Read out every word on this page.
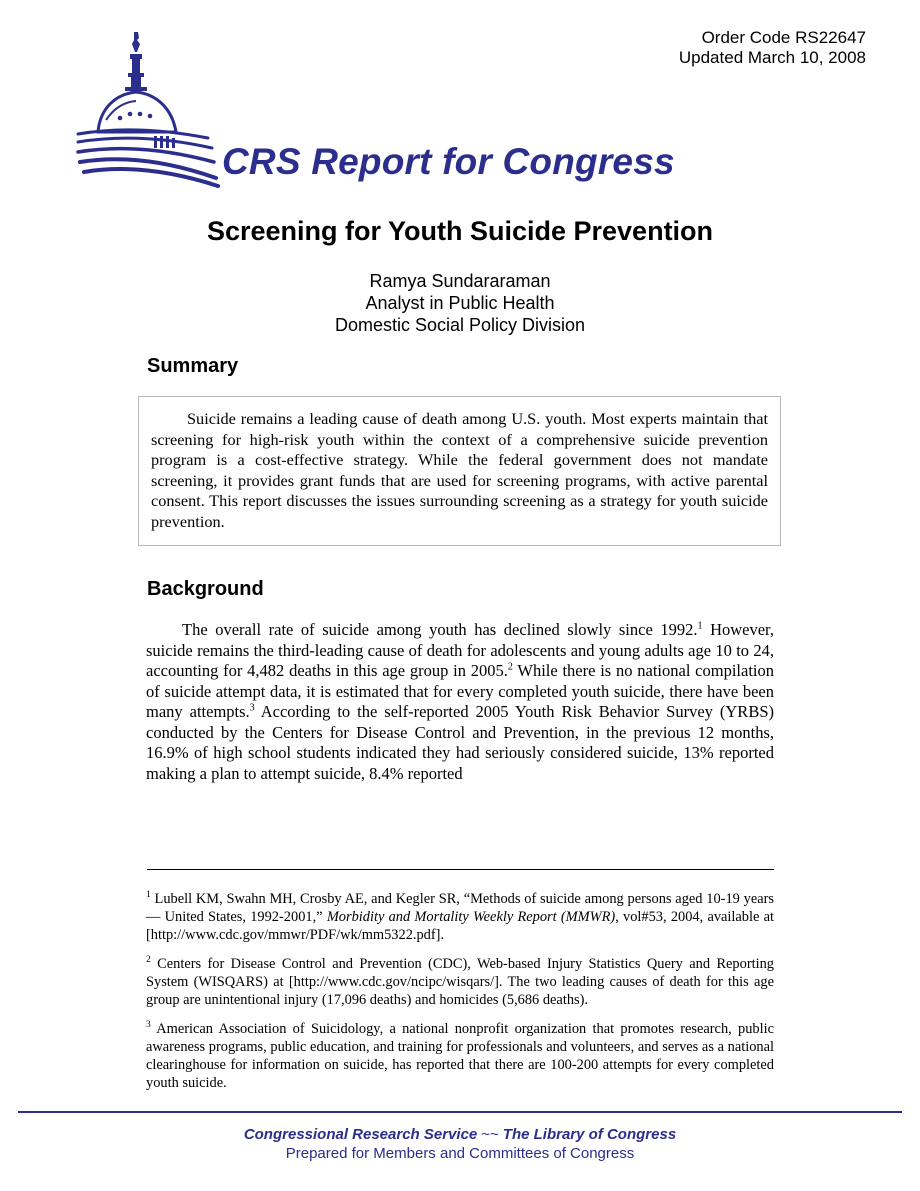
Order Code RS22647
Updated March 10, 2008
CRS Report for Congress
Screening for Youth Suicide Prevention
Ramya Sundararaman
Analyst in Public Health
Domestic Social Policy Division
Summary

Suicide remains a leading cause of death among U.S. youth. Most experts maintain that screening for high-risk youth within the context of a comprehensive suicide prevention program is a cost-effective strategy. While the federal government does not mandate screening, it provides grant funds that are used for screening programs, with active parental consent. This report discusses the issues surrounding screening as a strategy for youth suicide prevention.

Background

The overall rate of suicide among youth has declined slowly since 1992.$^1$ However, suicide remains the third-leading cause of death for adolescents and young adults age 10 to 24, accounting for 4,482 deaths in this age group in 2005.$^2$ While there is no national compilation of suicide attempt data, it is estimated that for every completed youth suicide, there have been many attempts.$^3$ According to the self-reported 2005 Youth Risk Behavior Survey (YRBS) conducted by the Centers for Disease Control and Prevention, in the previous 12 months, 16.9% of high school students indicated they had seriously considered suicide, 13% reported making a plan to attempt suicide, 8.4% reported

$^1$ Lubell KM, Swahn MH, Crosby AE, and Kegler SR, “Methods of suicide among persons aged 10-19 years — United States, 1992-2001,” Morbidity and Mortality Weekly Report (MMWR), vol#53, 2004, available at [http://www.cdc.gov/mmwr/PDF/wk/mm5322.pdf].

$^2$ Centers for Disease Control and Prevention (CDC), Web-based Injury Statistics Query and Reporting System (WISQARS) at [http://www.cdc.gov/ncipc/wisqars/]. The two leading causes of death for this age group are unintentional injury (17,096 deaths) and homicides (5,686 deaths).

$^3$ American Association of Suicidology, a national nonprofit organization that promotes research, public awareness programs, public education, and training for professionals and volunteers, and serves as a national clearinghouse for information on suicide, has reported that there are 100-200 attempts for every completed youth suicide.

Congressional Research Service ~~ The Library of Congress
Prepared for Members and Committees of Congress
